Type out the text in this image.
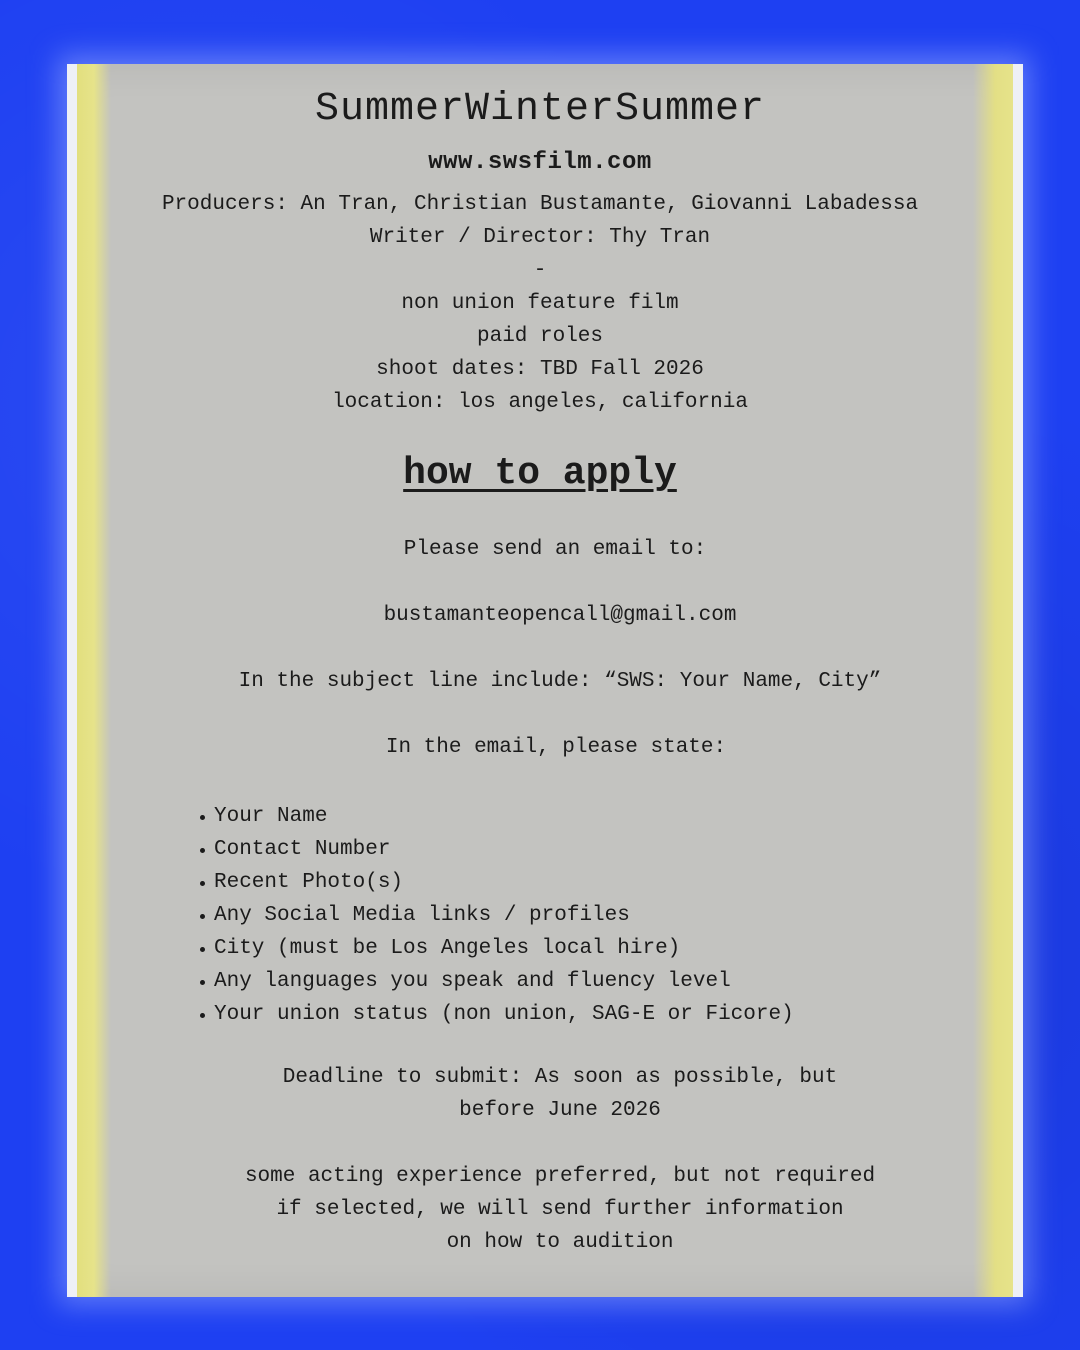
SummerWinterSummer
www.swsfilm.com
Producers: An Tran, Christian Bustamante, Giovanni Labadessa
Writer / Director: Thy Tran
-
non union feature film
paid roles
shoot dates: TBD Fall 2026
location: los angeles, california
how to apply
Please send an email to:
bustamanteopencall@gmail.com
In the subject line include: “SWS: Your Name, City”
In the email, please state:
Your Name
Contact Number
Recent Photo(s)
Any Social Media links / profiles
City (must be Los Angeles local hire)
Any languages you speak and fluency level
Your union status (non union, SAG-E or Ficore)
Deadline to submit: As soon as possible, but
before June 2026
some acting experience preferred, but not required
if selected, we will send further information
on how to audition
